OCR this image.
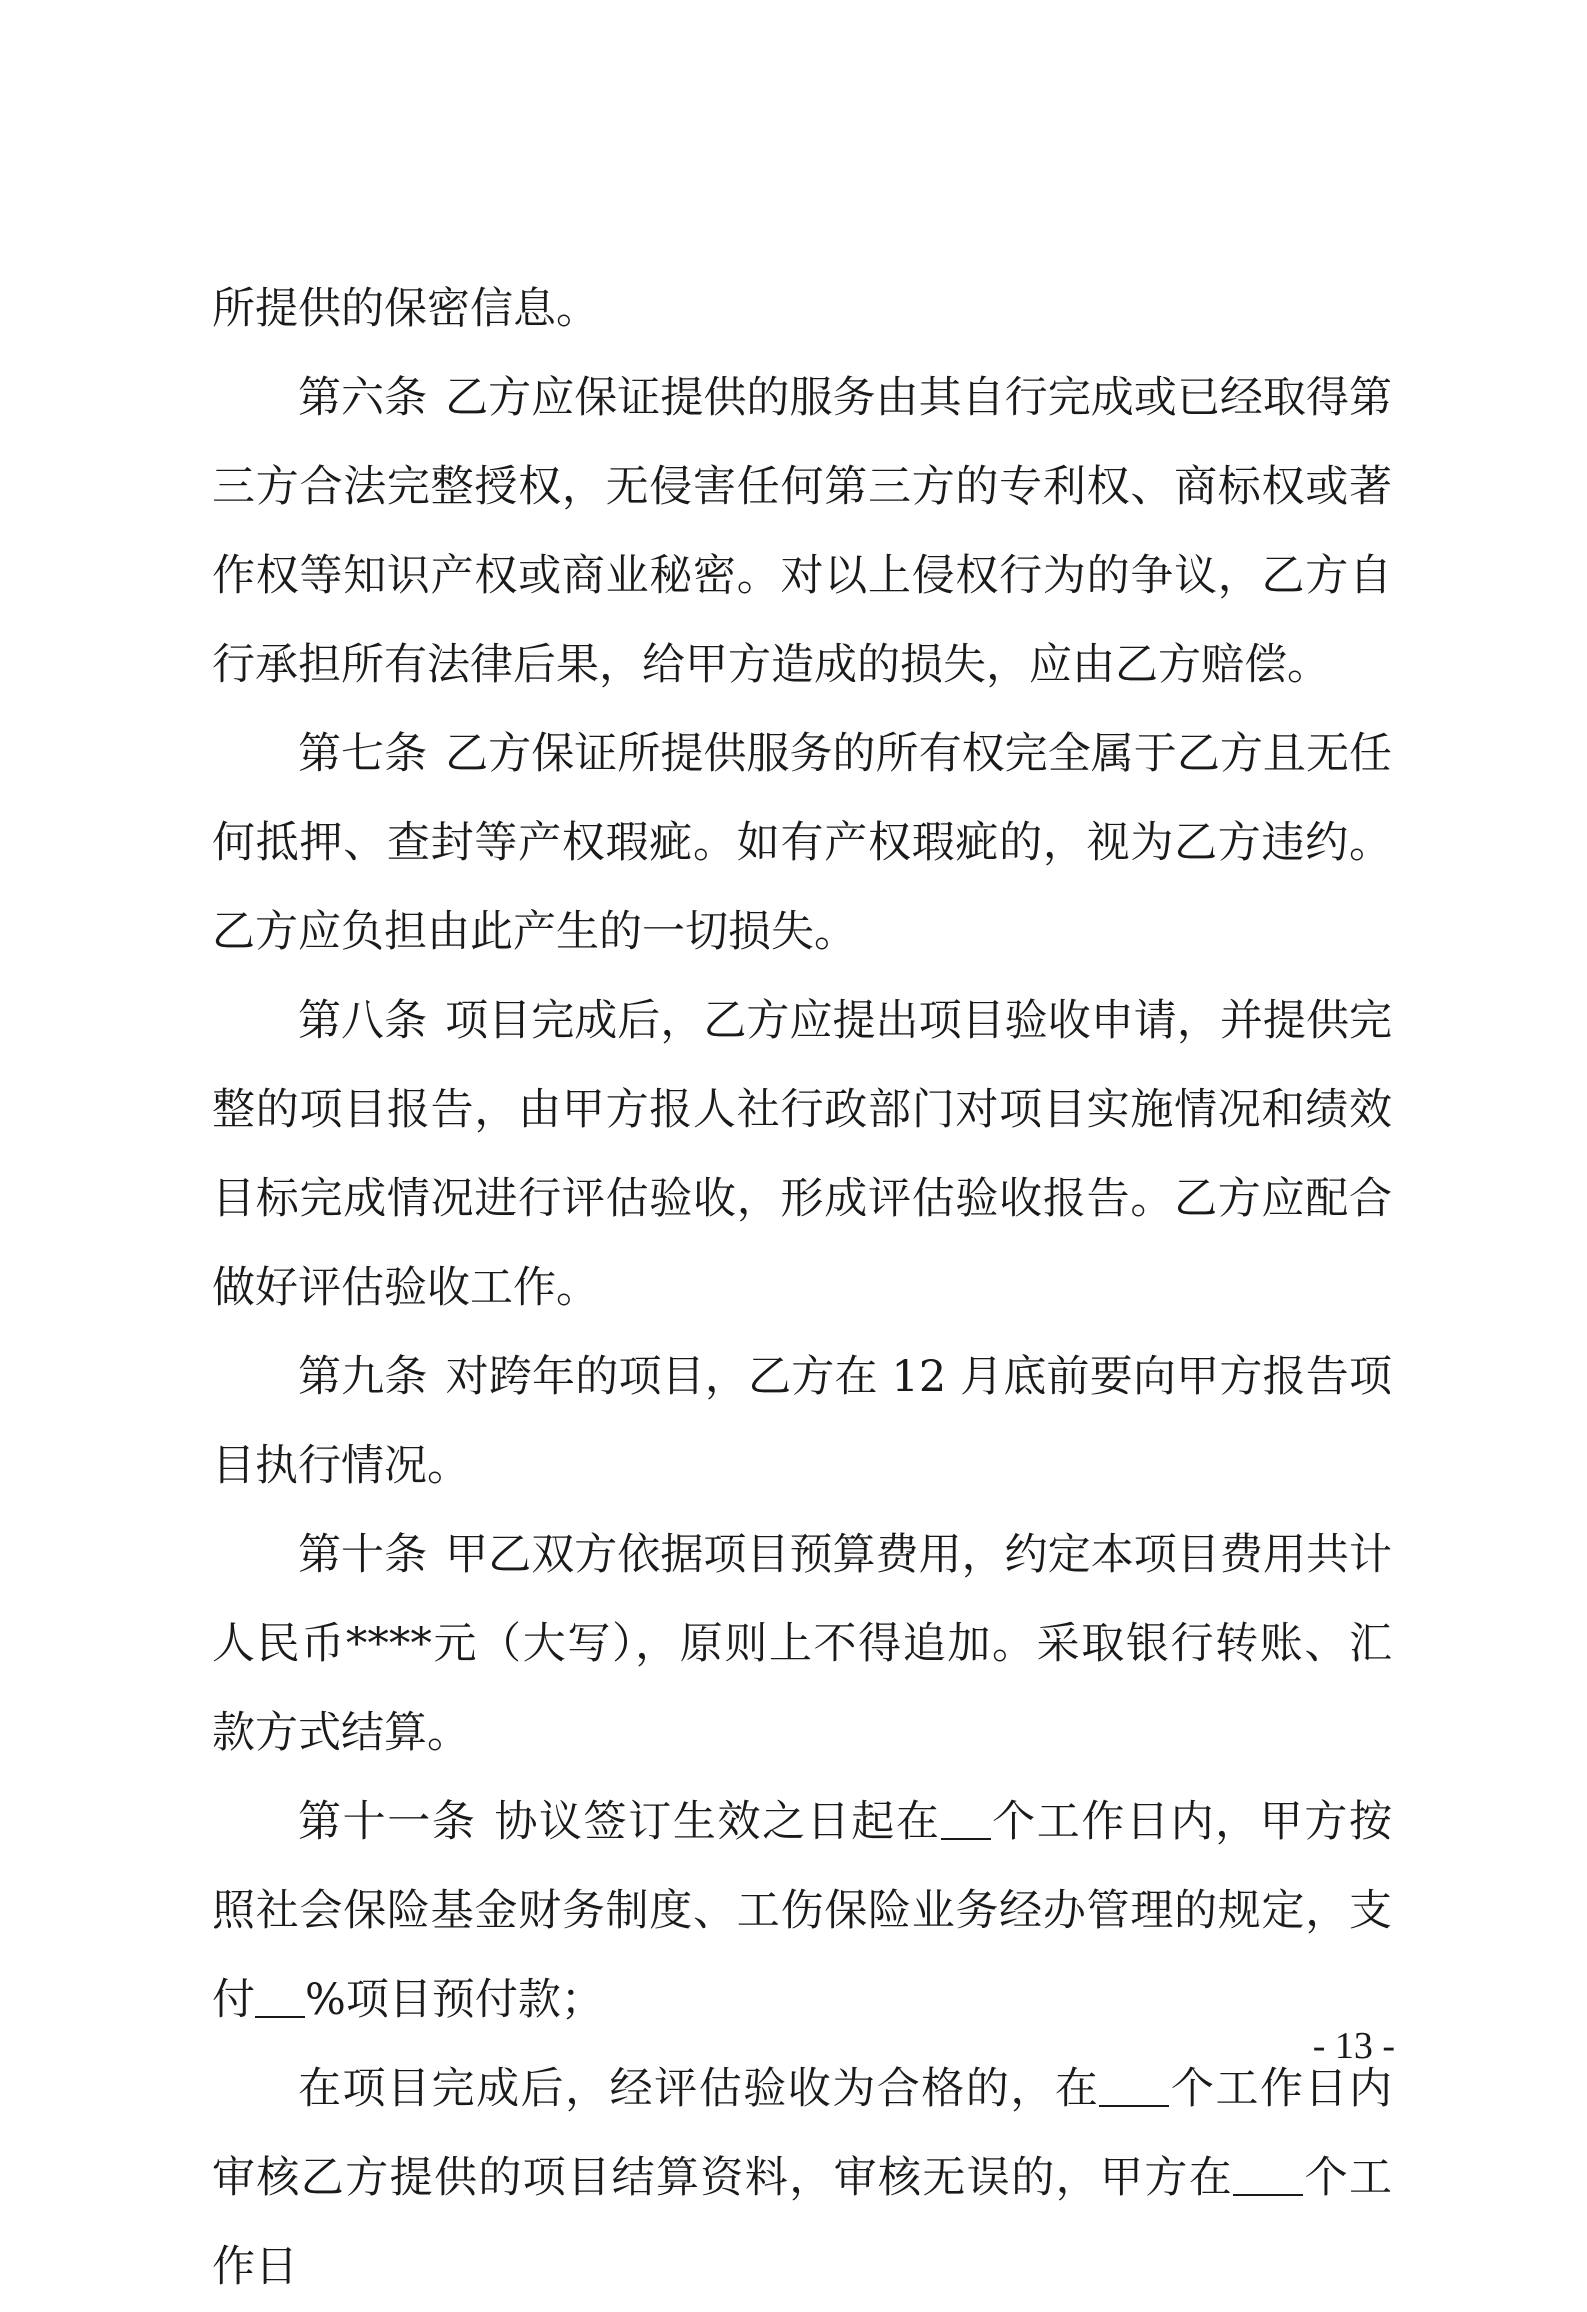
所提供的保密信息。

第六条 乙方应保证提供的服务由其自行完成或已经取得第三方合法完整授权，无侵害任何第三方的专利权、商标权或著作权等知识产权或商业秘密。对以上侵权行为的争议，乙方自行承担所有法律后果，给甲方造成的损失，应由乙方赔偿。

第七条 乙方保证所提供服务的所有权完全属于乙方且无任何抵押、查封等产权瑕疵。如有产权瑕疵的，视为乙方违约。乙方应负担由此产生的一切损失。

第八条 项目完成后，乙方应提出项目验收申请，并提供完整的项目报告，由甲方报人社行政部门对项目实施情况和绩效目标完成情况进行评估验收，形成评估验收报告。乙方应配合做好评估验收工作。

第九条 对跨年的项目，乙方在 12 月底前要向甲方报告项目执行情况。

第十条 甲乙双方依据项目预算费用，约定本项目费用共计人民币****元（大写），原则上不得追加。采取银行转账、汇款方式结算。

第十一条 协议签订生效之日起在 个工作日内，甲方按照社会保险基金财务制度、工伤保险业务经办管理的规定，支付 %项目预付款；

在项目完成后，经评估验收为合格的，在 个工作日内审核乙方提供的项目结算资料，审核无误的，甲方在 个工作日

- 13 -
